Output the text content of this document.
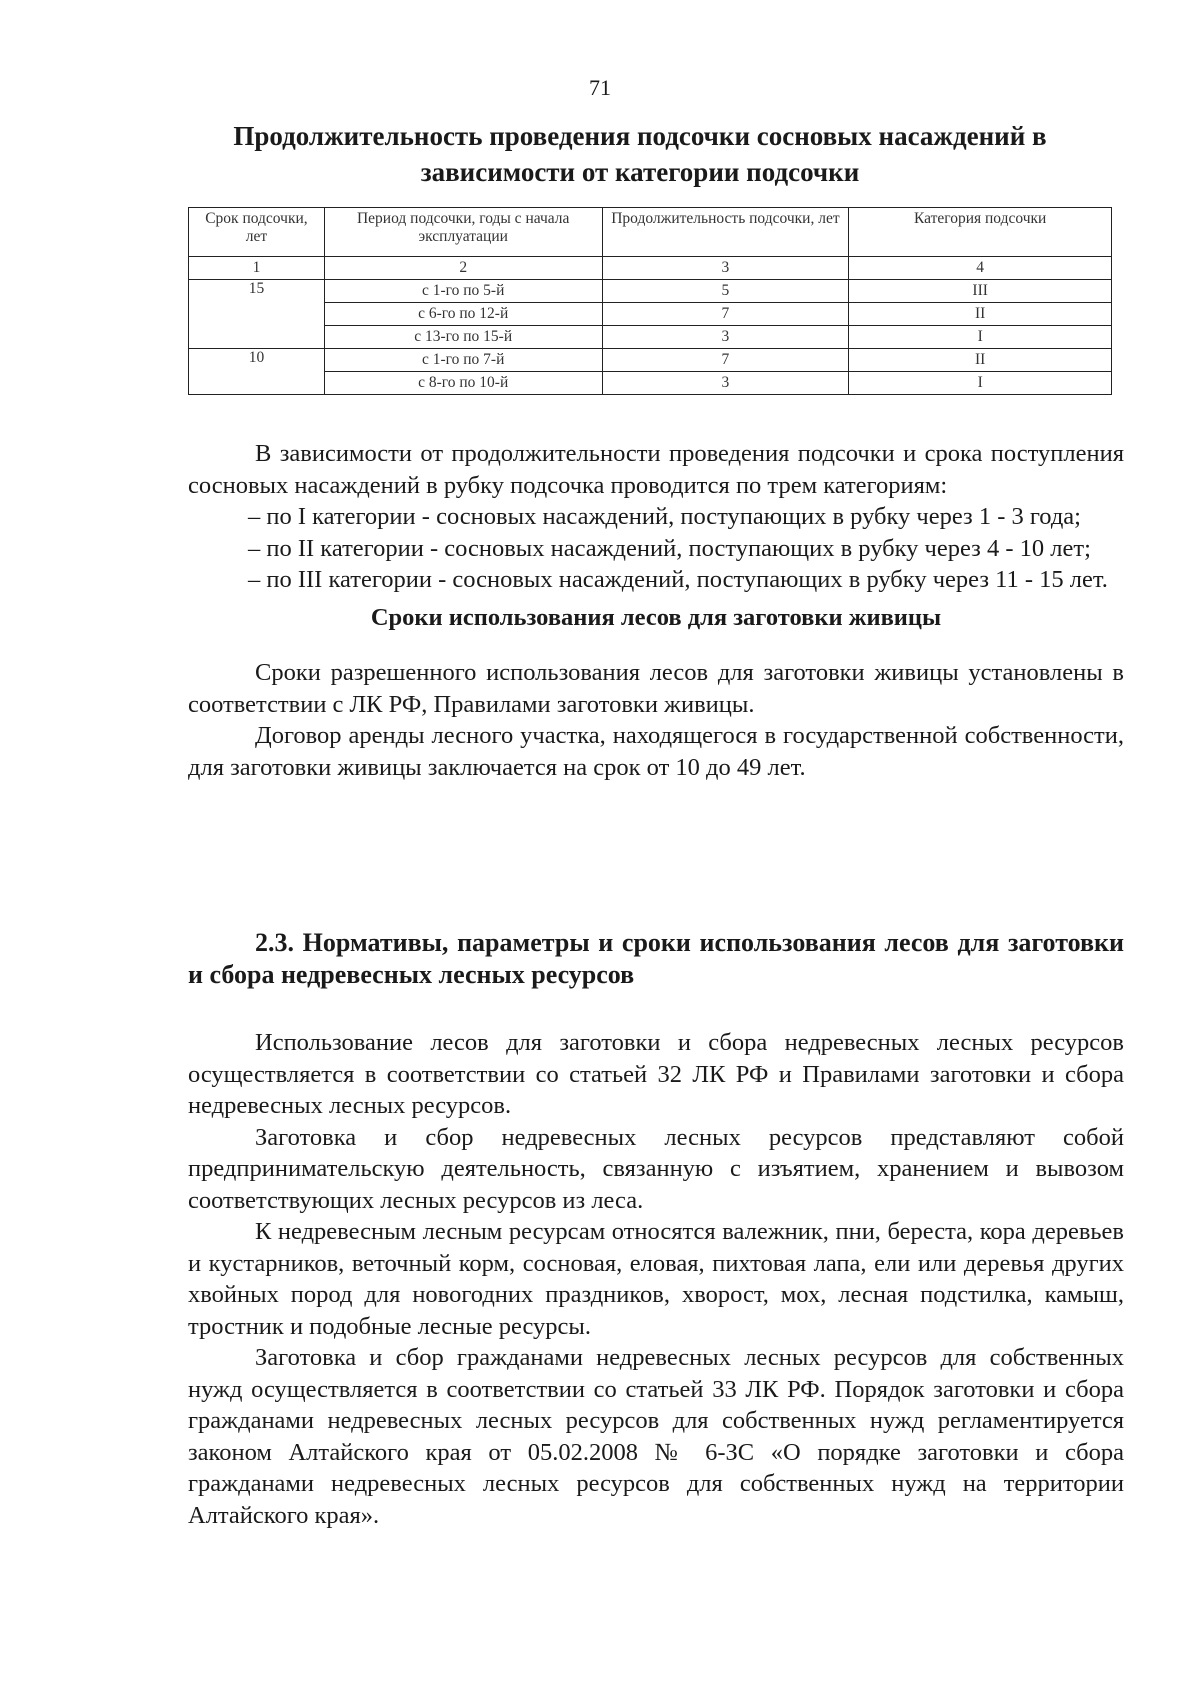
71
Продолжительность проведения подсочки сосновых насаждений в зависимости от категории подсочки
Срок подсочки, лет	Период подсочки, годы с начала эксплуатации	Продолжительность подсочки, лет	Категория подсочки
1	2	3	4
15	с 1-го по 5-й	5	III
	с 6-го по 12-й	7	II
	с 13-го по 15-й	3	I
10	с 1-го по 7-й	7	II
	с 8-го по 10-й	3	I

В зависимости от продолжительности проведения подсочки и срока поступления сосновых насаждений в рубку подсочка проводится по трем категориям:

– по I категории - сосновых насаждений, поступающих в рубку через 1 - 3 года;

– по II категории - сосновых насаждений, поступающих в рубку через 4 - 10 лет;

– по III категории - сосновых насаждений, поступающих в рубку через 11 - 15 лет.

Сроки использования лесов для заготовки живицы

Сроки разрешенного использования лесов для заготовки живицы установлены в соответствии с ЛК РФ, Правилами заготовки живицы.

Договор аренды лесного участка, находящегося в государственной собственности, для заготовки живицы заключается на срок от 10 до 49 лет.

2.3. Нормативы, параметры и сроки использования лесов для заготовки и сбора недревесных лесных ресурсов

Использование лесов для заготовки и сбора недревесных лесных ресурсов осуществляется в соответствии со статьей 32 ЛК РФ и Правилами заготовки и сбора недревесных лесных ресурсов.

Заготовка и сбор недревесных лесных ресурсов представляют собой предпринимательскую деятельность, связанную с изъятием, хранением и вывозом соответствующих лесных ресурсов из леса.

К недревесным лесным ресурсам относятся валежник, пни, береста, кора деревьев и кустарников, веточный корм, сосновая, еловая, пихтовая лапа, ели или деревья других хвойных пород для новогодних праздников, хворост, мох, лесная подстилка, камыш, тростник и подобные лесные ресурсы.

Заготовка и сбор гражданами недревесных лесных ресурсов для собственных нужд осуществляется в соответствии со статьей 33 ЛК РФ. Порядок заготовки и сбора гражданами недревесных лесных ресурсов для собственных нужд регламентируется законом Алтайского края от 05.02.2008 № 6-ЗС «О порядке заготовки и сбора гражданами недревесных лесных ресурсов для собственных нужд на территории Алтайского края».
